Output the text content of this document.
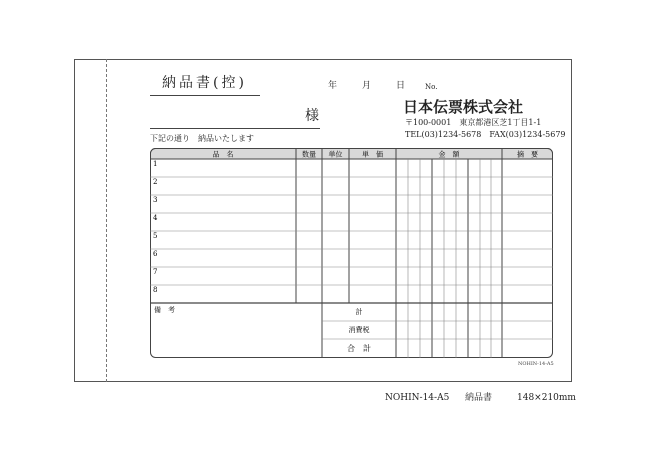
納品書(控)	年	月	日	No.
様	日本伝票株式会社
〒100-0001　東京都港区芝1丁目1-1
TEL(03)1234-5678　FAX(03)1234-5679
下記の通り　納品いたします
品　名	数量 単位	単　価	金　額	摘　要
1
2
3
4
5
6
7
8
備　考	計
消費税
合　計
NOHIN-14-A5
NOHIN-14-A5 納品書	148×210mm
